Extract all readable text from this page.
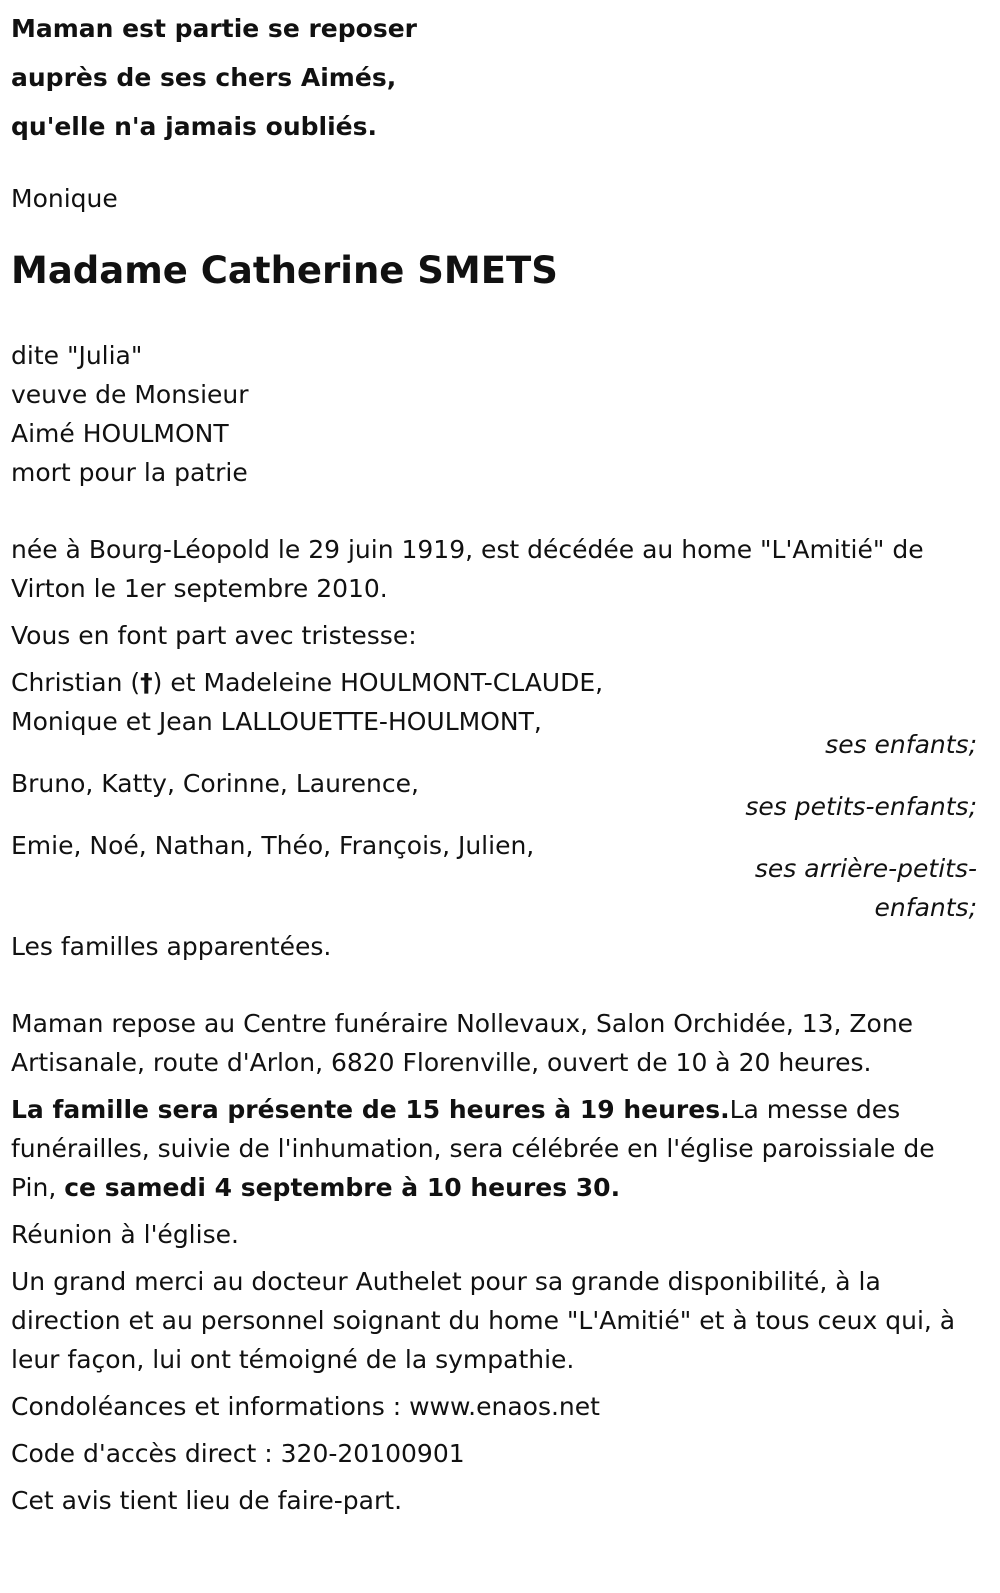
Maman est partie se reposer
auprès de ses chers Aimés,
qu'elle n'a jamais oubliés.
Monique
Madame Catherine SMETS
dite "Julia"
veuve de Monsieur
Aimé HOULMONT
mort pour la patrie
née à Bourg-Léopold le 29 juin 1919, est décédée au home "L'Amitié" de Virton le 1er septembre 2010.
Vous en font part avec tristesse:
Christian (†) et Madeleine HOULMONT-CLAUDE,
Monique et Jean LALLOUETTE-HOULMONT,
ses enfants;
Bruno, Katty, Corinne, Laurence,
ses petits-enfants;
Emie, Noé, Nathan, Théo, François, Julien,
ses arrière-petits-enfants;
Les familles apparentées.
Maman repose au Centre funéraire Nollevaux, Salon Orchidée, 13, Zone Artisanale, route d'Arlon, 6820 Florenville, ouvert de 10 à 20 heures.
La famille sera présente de 15 heures à 19 heures.La messe des funérailles, suivie de l'inhumation, sera célébrée en l'église paroissiale de Pin, ce samedi 4 septembre à 10 heures 30.
Réunion à l'église.
Un grand merci au docteur Authelet pour sa grande disponibilité, à la direction et au personnel soignant du home "L'Amitié" et à tous ceux qui, à leur façon, lui ont témoigné de la sympathie.
Condoléances et informations : www.enaos.net
Code d'accès direct : 320-20100901
Cet avis tient lieu de faire-part.
